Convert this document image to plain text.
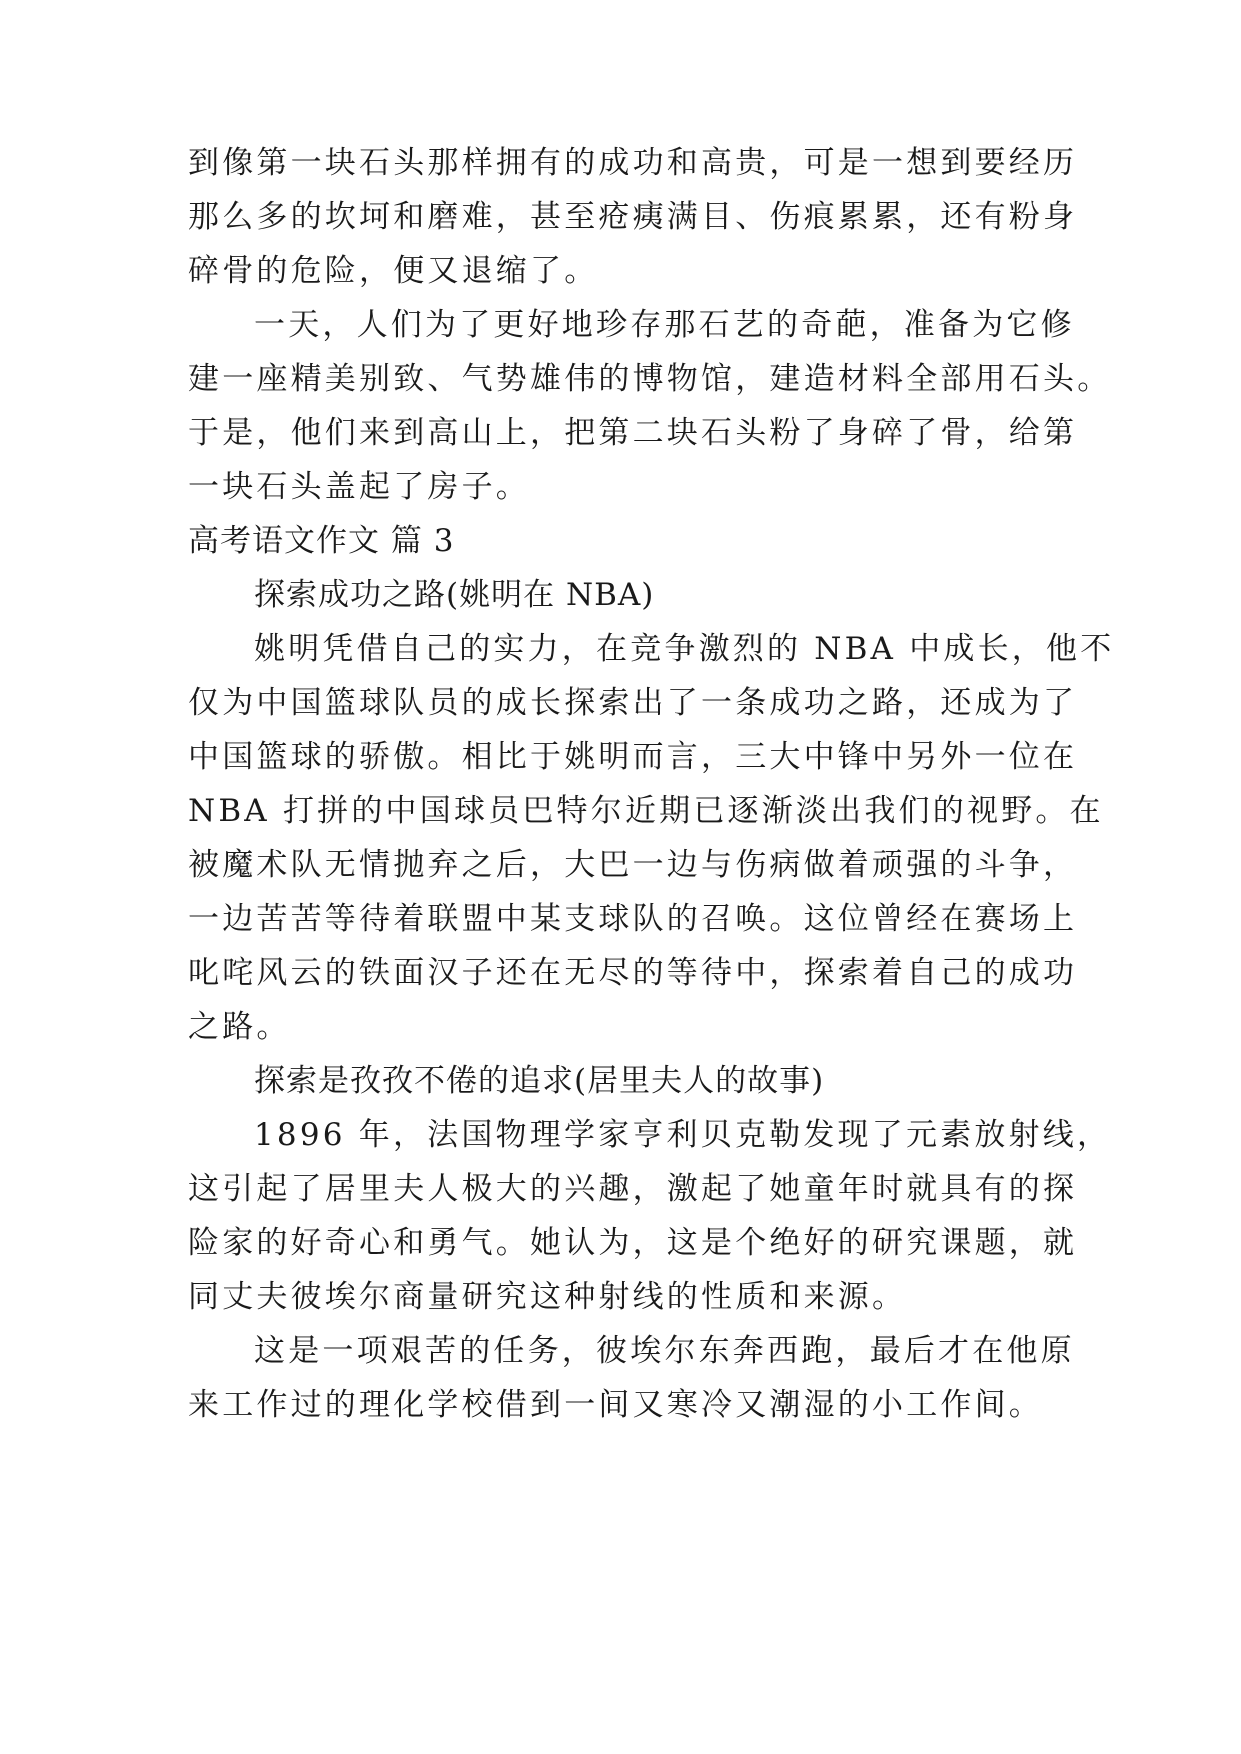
到像第一块石头那样拥有的成功和高贵，可是一想到要经历
那么多的坎坷和磨难，甚至疮痍满目、伤痕累累，还有粉身
碎骨的危险，便又退缩了。
一天，人们为了更好地珍存那石艺的奇葩，准备为它修
建一座精美别致、气势雄伟的博物馆，建造材料全部用石头。
于是，他们来到高山上，把第二块石头粉了身碎了骨，给第
一块石头盖起了房子。
高考语文作文 篇 3
探索成功之路(姚明在 NBA)
姚明凭借自己的实力，在竞争激烈的 NBA 中成长，他不
仅为中国篮球队员的成长探索出了一条成功之路，还成为了
中国篮球的骄傲。相比于姚明而言，三大中锋中另外一位在
NBA 打拼的中国球员巴特尔近期已逐渐淡出我们的视野。在
被魔术队无情抛弃之后，大巴一边与伤病做着顽强的斗争，
一边苦苦等待着联盟中某支球队的召唤。这位曾经在赛场上
叱咤风云的铁面汉子还在无尽的等待中，探索着自己的成功
之路。
探索是孜孜不倦的追求(居里夫人的故事)
1896 年，法国物理学家亨利贝克勒发现了元素放射线，
这引起了居里夫人极大的兴趣，激起了她童年时就具有的探
险家的好奇心和勇气。她认为，这是个绝好的研究课题，就
同丈夫彼埃尔商量研究这种射线的性质和来源。
这是一项艰苦的任务，彼埃尔东奔西跑，最后才在他原
来工作过的理化学校借到一间又寒冷又潮湿的小工作间。
